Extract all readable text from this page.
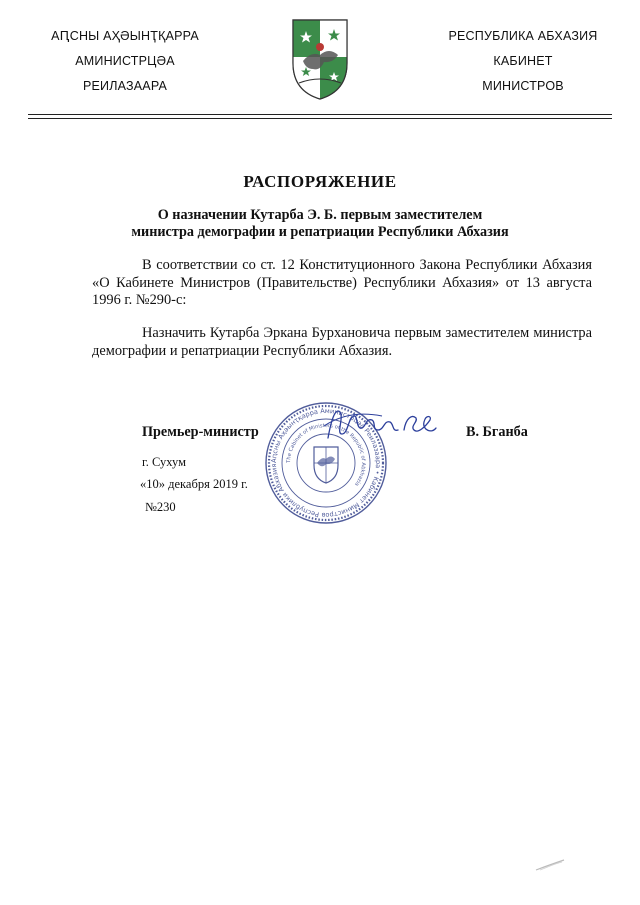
АԤСНЫ АҲӘЫНҬҚАРРА
АМИНИСТРЦӘА
РЕИЛАЗААРА
РЕСПУБЛИКА АБХАЗИЯ
КАБИНЕТ
МИНИСТРОВ
РАСПОРЯЖЕНИЕ
О назначении Кутарба Э. Б. первым заместителем
министра демографии и репатриации Республики Абхазия
В соответствии со ст. 12 Конституционного Закона Республики Абхазия «О Кабинете Министров (Правительстве) Республики Абхазия» от 13 августа 1996 г. №290-с:
Назначить Кутарба Эркана Бурхановича первым заместителем министра демографии и репатриации Республики Абхазия.
Аԥсны Аҳәынҭқарра Аминистрцәа Реилазаара • Кабинет Министров Республики Абхазия
The Cabinet of Ministers of the Republic of Abkhazia
Премьер-министр	В. Бганба
г. Сухум
«10» декабря 2019 г.
№230
